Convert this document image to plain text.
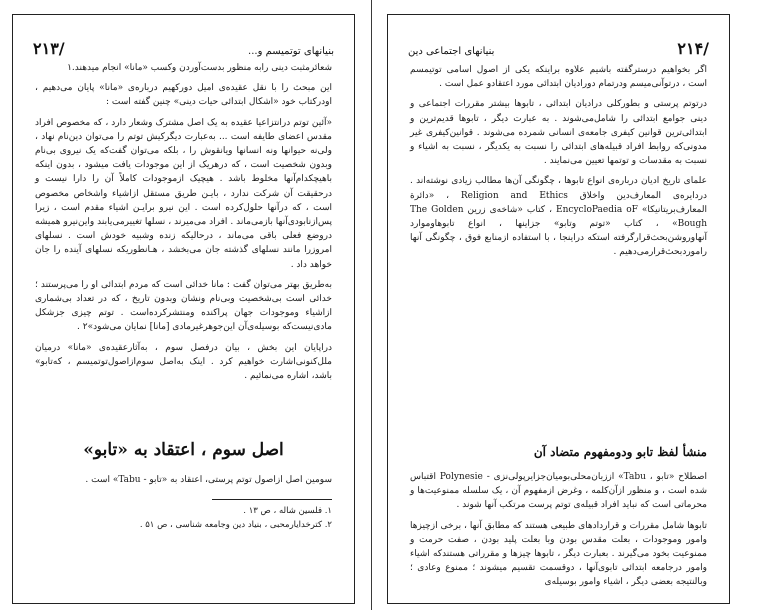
۲۱۳/	بنیانهای توتمیسم و...

شعائرمثبت دینی رابه منظور بدست‌آوردن وکسب «مانا» انجام میدهند.۱

این مبحث را با نقل عقیده‌ی امیل دورکهیم درباره‌ی «مانا» پایان می‌دهیم ، اودرکتاب خود «اشکال ابتدائی حیات دینی» چنین گفته است :

«آئین توتم درانتزاعیا عقیده به یک اصل مشترک وشعار دارد ، که مخصوص افراد مقدس اعضای طایفه است ... بەعبارت دیگرکیش توتم را می‌توان دین‌نام نهاد ، ولی‌نه حیوانها ونه انسانها ویانقوش را ، بلکه می‌توان گفت‌که یک نیروی بی‌نام وبدون شخصیت است ، که درهریک از این موجودات یافت میشود ، بدون اینکه باهیچکدام‌آنها مخلوط باشد . هیچیک ازموجودات کاملاً آن را دارا نیست و درحقیقت آن شرکت ندارد ، بایـن طریق مستقل ازاشیاء واشخاص مخصوص است ، که درآنها حلول‌کرده است . این نیرو برایـن اشیاء مقدم است ، زیرا پس‌ازنابودی‌آنها بازمی‌ماند . افراد می‌میرند ، نسلها تغییرمی‌یابند واین‌نیرو همیشه دروضع فعلی باقی می‌ماند ، درحالیکه زنده وشبیه خودش است . نسلهای امروزرا مانند نسلهای گذشته جان می‌بخشد ، هـانطوریکه نسلهای آینده را جان خواهد داد .

به‌طریق بهتر می‌توان گفت : مانا خدائی است که مردم ابتدائی او را می‌پرستند ؛ خدائی است بی‌شخصیت وبی‌نام ونشان وبدون تاریخ ، که در تعداد بی‌شماری ازاشیاء وموجودات جهان پراکنده ومنتشرکرده‌است . توتم چیزی جزشکل مادی‌نیست‌که بوسیله‌ی‌آن این‌جوهرغیرمادی [مانا] نمایان می‌شود»۲ .

دراپایان این بخش ، بیان درفصل سوم ، به‌آثارعقیده‌ی «مانا» درمیان ملل‌کنونی‌اشارت خواهیم کرد . اینک به‌اصل سوم‌ازاصول‌توتمیسم‌ ، که‌تابو» باشد، اشاره می‌نمائیم .

اصل سوم ، اعتقاد به «تابو»

سومین اصل ازاصول توتم پرستی، اعتقاد به «تابو - Tabu» است .

۱. فلسین شاله ، ص ۱۳ .

۲. کترخدایارمحبی ، بنیاد دین وجامعه شناسی ، ص ۵۱ .

بنیانهای اجتماعی دین	۲۱۴/

اگر بخواهیم درستر‌گفته باشیم علاوه براینکه یکی از اصول اسامی توتیمسم است ، درتوآنی‌میسم ودرتمام دوراديان ابتدائی مورد اعتقادو عمل است .

درتوتم پرستی و بطورکلی درادیان ابتدائی ، تابوها بیشتر مقررات اجتماعی و دینی جوامع ابتدائی را شامل‌می‌شوند . به عبارت دیگر ، تابوها قدیم‌ترین و ابتدائی‌ترین قوانین کیفری جامعه‌ی انسانی شمرده می‌شوند . قوانین‌کیفری غیر مدونی‌که روابط افراد قبیله‌های ابتدائی را نسبت به یکدیگر ، نسبت به اشیاء و نسبت به مقدسات و توتمها تعیین می‌نمایند .

علمای تاریخ ادیان دربارە‌ی انواع تابوها ، چگونگی آن‌ها مطالب زیادی نوشته‌اند . دردایره‌ی المعارف‌دین واخلاق Religion and Ethics ، «دائرة المعارف‌بریتانیکا» EncycloPaedia oF ، کتاب «شاخه‌ی زرین The Golden Bough» ، کتاب «توتم وتابو» جزاینها ، انواع تابوهاوموارد آنهاوروشن‌بحث‌قرارگرفته استکه دراینجا ، با استفاده ازمنابع فوق ، چگونگی آنها راموردبحث‌قرارمی‌دهیم .

منشأ لفظ تابو ودومفهوم متضاد آن

اصطلاح «تابو ، Tabu» اززبان‌محلی‌بومیان‌جزایرپولی‌نزی - Polynesie اقتباس شده است ، و منظور ازآن‌کلمه ، وغرض ازمفهوم آن ، یک سلسله ممنوعیت‌ها و محرماتی است که نباید افراد قبیله‌ی توتم پرست مرتکب آنها شوند .

تابوها شامل مقررات و قراردادهای طبیعی هستند که مطابق آنها ، برخی ازچیزها وامور وموجودات ، بعلت مقدس بودن وبا بعلت پلید بودن ، صفت حرمت و ممنوعیت بخود می‌گیرند . بعبارت دیگر ، تابوها چیزها و مقرراتی هستندکه اشیاء وامور درجامعه ابتدائی تابوی‌آنها ، دوقسمت تقسیم میشوند ؛ ممنوع وعادی ؛ وبالنتیجه بعضی دیگر ، اشیاء وامور بوسیله‌ی
